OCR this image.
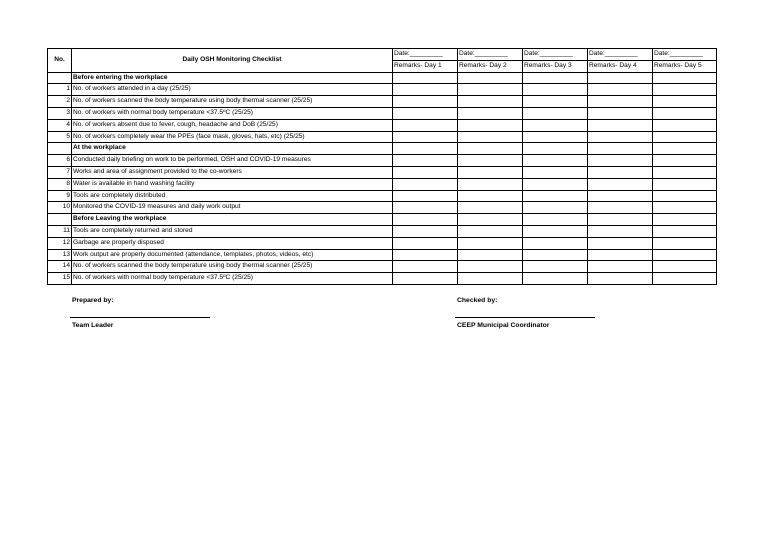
No.	Daily OSH Monitoring Checklist	Date:_________	Date:_________	Date:_________	Date:_________	Date:_________
		Remarks- Day 1	Remarks- Day 2	Remarks- Day 3	Remarks- Day 4	Remarks- Day 5
	Before entering the workplace					
1	No. of workers attended in a day (25/25)					
2	No. of workers scanned the body temperature using body thermal scanner (25/25)					
3	No. of workers with normal body temperature <37.5ºC (25/25)					
4	No. of workers absent due to fever, cough, headache and DoB (25/25)					
5	No. of workers completely wear the PPEs (face mask, gloves, hats, etc) (25/25)					
	At the workplace					
6	Conducted daily briefing on work to be performed, OSH and COVID-19 measures					
7	Works and area of assignment provided to the co-workers					
8	Water is available in hand washing facility					
9	Tools are completely distributed					
10	Monitored the COVID-19 measures and daily work output					
	Before Leaving the workplace					
11	Tools are completely returned and stored					
12	Garbage are properly disposed					
13	Work output are properly documented (attendance, templates, photos, videos, etc)					
14	No. of workers scanned the body temperature using body thermal scanner (25/25)					
15	No. of workers with normal body temperature <37.5ºC (25/25)					
Prepared by:
Team Leader
Checked by:
CEEP Municipal Coordinator
